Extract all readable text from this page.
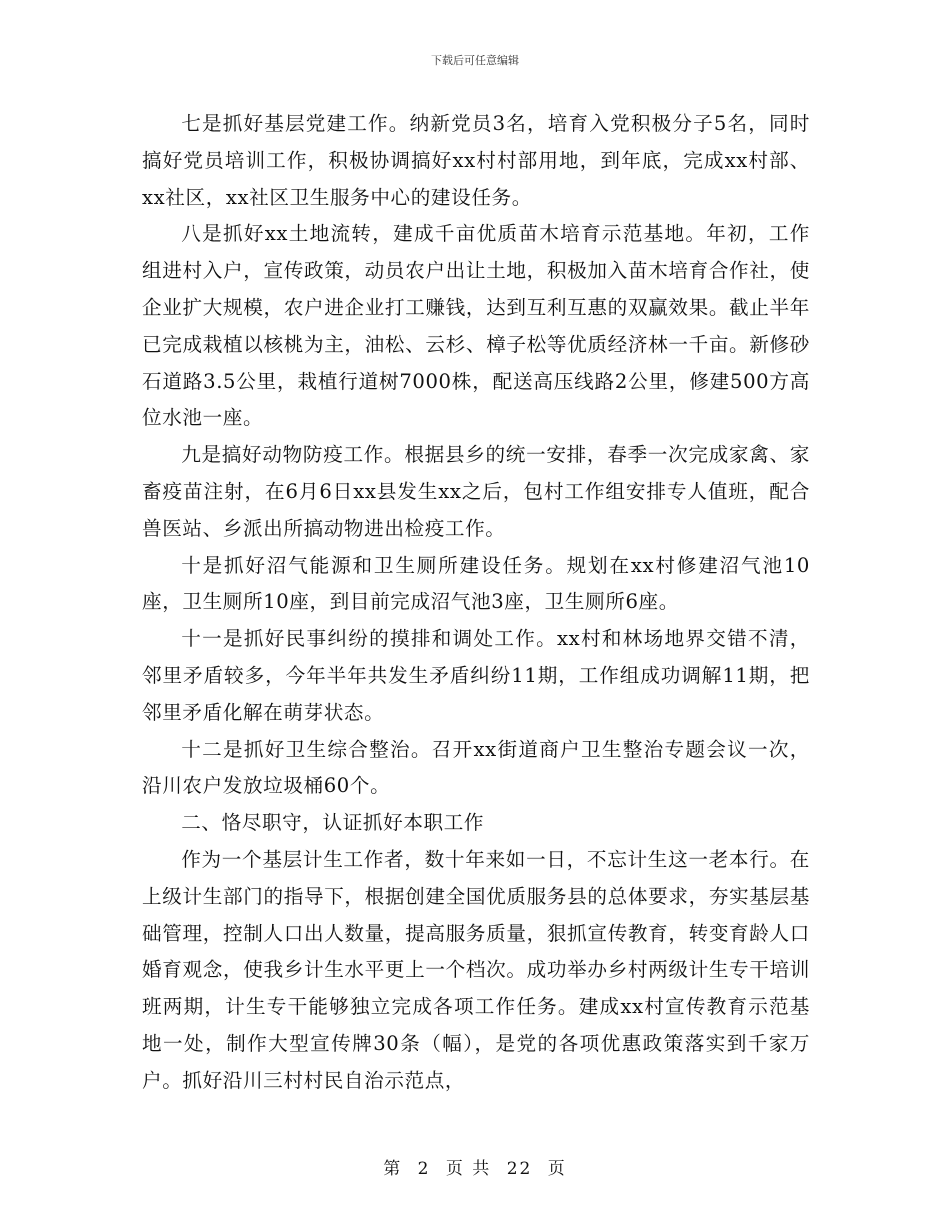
下载后可任意编辑

七是抓好基层党建工作。纳新党员3名，培育入党积极分子5名，同时搞好党员培训工作，积极协调搞好xx村村部用地，到年底，完成xx村部、xx社区，xx社区卫生服务中心的建设任务。

八是抓好xx土地流转，建成千亩优质苗木培育示范基地。年初，工作组进村入户，宣传政策，动员农户出让土地，积极加入苗木培育合作社，使企业扩大规模，农户进企业打工赚钱，达到互利互惠的双赢效果。截止半年已完成栽植以核桃为主，油松、云杉、樟子松等优质经济林一千亩。新修砂石道路3.5公里，栽植行道树7000株，配送高压线路2公里，修建500方高位水池一座。

九是搞好动物防疫工作。根据县乡的统一安排，春季一次完成家禽、家畜疫苗注射，在6月6日xx县发生xx之后，包村工作组安排专人值班，配合兽医站、乡派出所搞动物进出检疫工作。

十是抓好沼气能源和卫生厕所建设任务。规划在xx村修建沼气池10座，卫生厕所10座，到目前完成沼气池3座，卫生厕所6座。

十一是抓好民事纠纷的摸排和调处工作。xx村和林场地界交错不清，邻里矛盾较多，今年半年共发生矛盾纠纷11期，工作组成功调解11期，把邻里矛盾化解在萌芽状态。

十二是抓好卫生综合整治。召开xx街道商户卫生整治专题会议一次，沿川农户发放垃圾桶60个。

二、恪尽职守，认证抓好本职工作

作为一个基层计生工作者，数十年来如一日，不忘计生这一老本行。在上级计生部门的指导下，根据创建全国优质服务县的总体要求，夯实基层基础管理，控制人口出人数量，提高服务质量，狠抓宣传教育，转变育龄人口婚育观念，使我乡计生水平更上一个档次。成功举办乡村两级计生专干培训班两期，计生专干能够独立完成各项工作任务。建成xx村宣传教育示范基地一处，制作大型宣传牌30条（幅），是党的各项优惠政策落实到千家万户。抓好沿川三村村民自治示范点，

第 2 页 共 22 页
